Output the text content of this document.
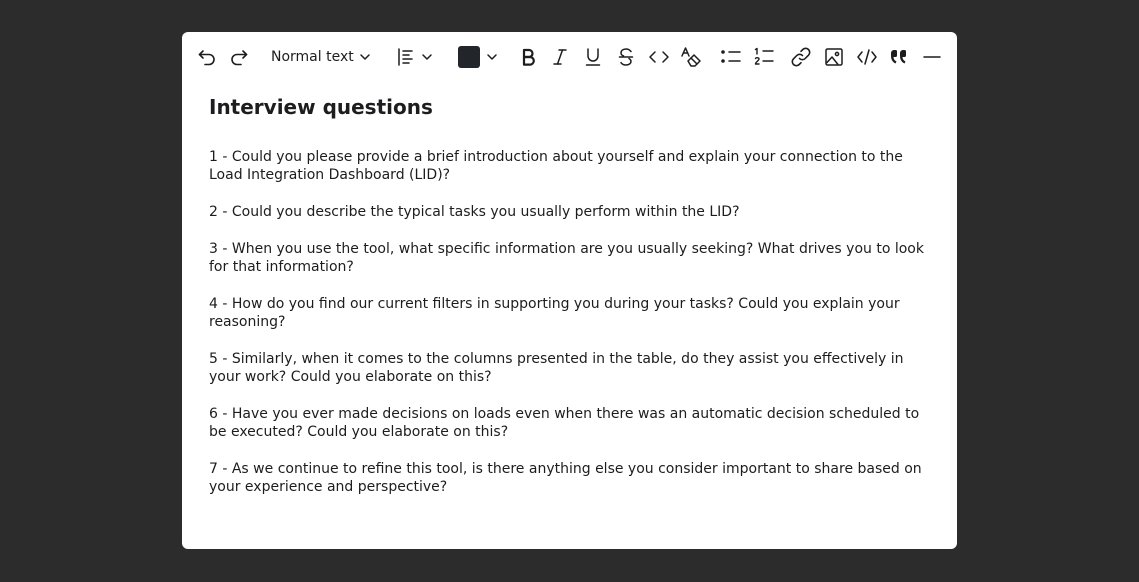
Normal text
Interview questions

1 - Could you please provide a brief introduction about yourself and explain your connection to the Load Integration Dashboard (LID)?

2 - Could you describe the typical tasks you usually perform within the LID?

3 - When you use the tool, what specific information are you usually seeking? What drives you to look for that information?

4 - How do you find our current filters in supporting you during your tasks? Could you explain your reasoning?

5 - Similarly, when it comes to the columns presented in the table, do they assist you effectively in your work? Could you elaborate on this?

6 - Have you ever made decisions on loads even when there was an automatic decision scheduled to be executed? Could you elaborate on this?

7 - As we continue to refine this tool, is there anything else you consider important to share based on your experience and perspective?
